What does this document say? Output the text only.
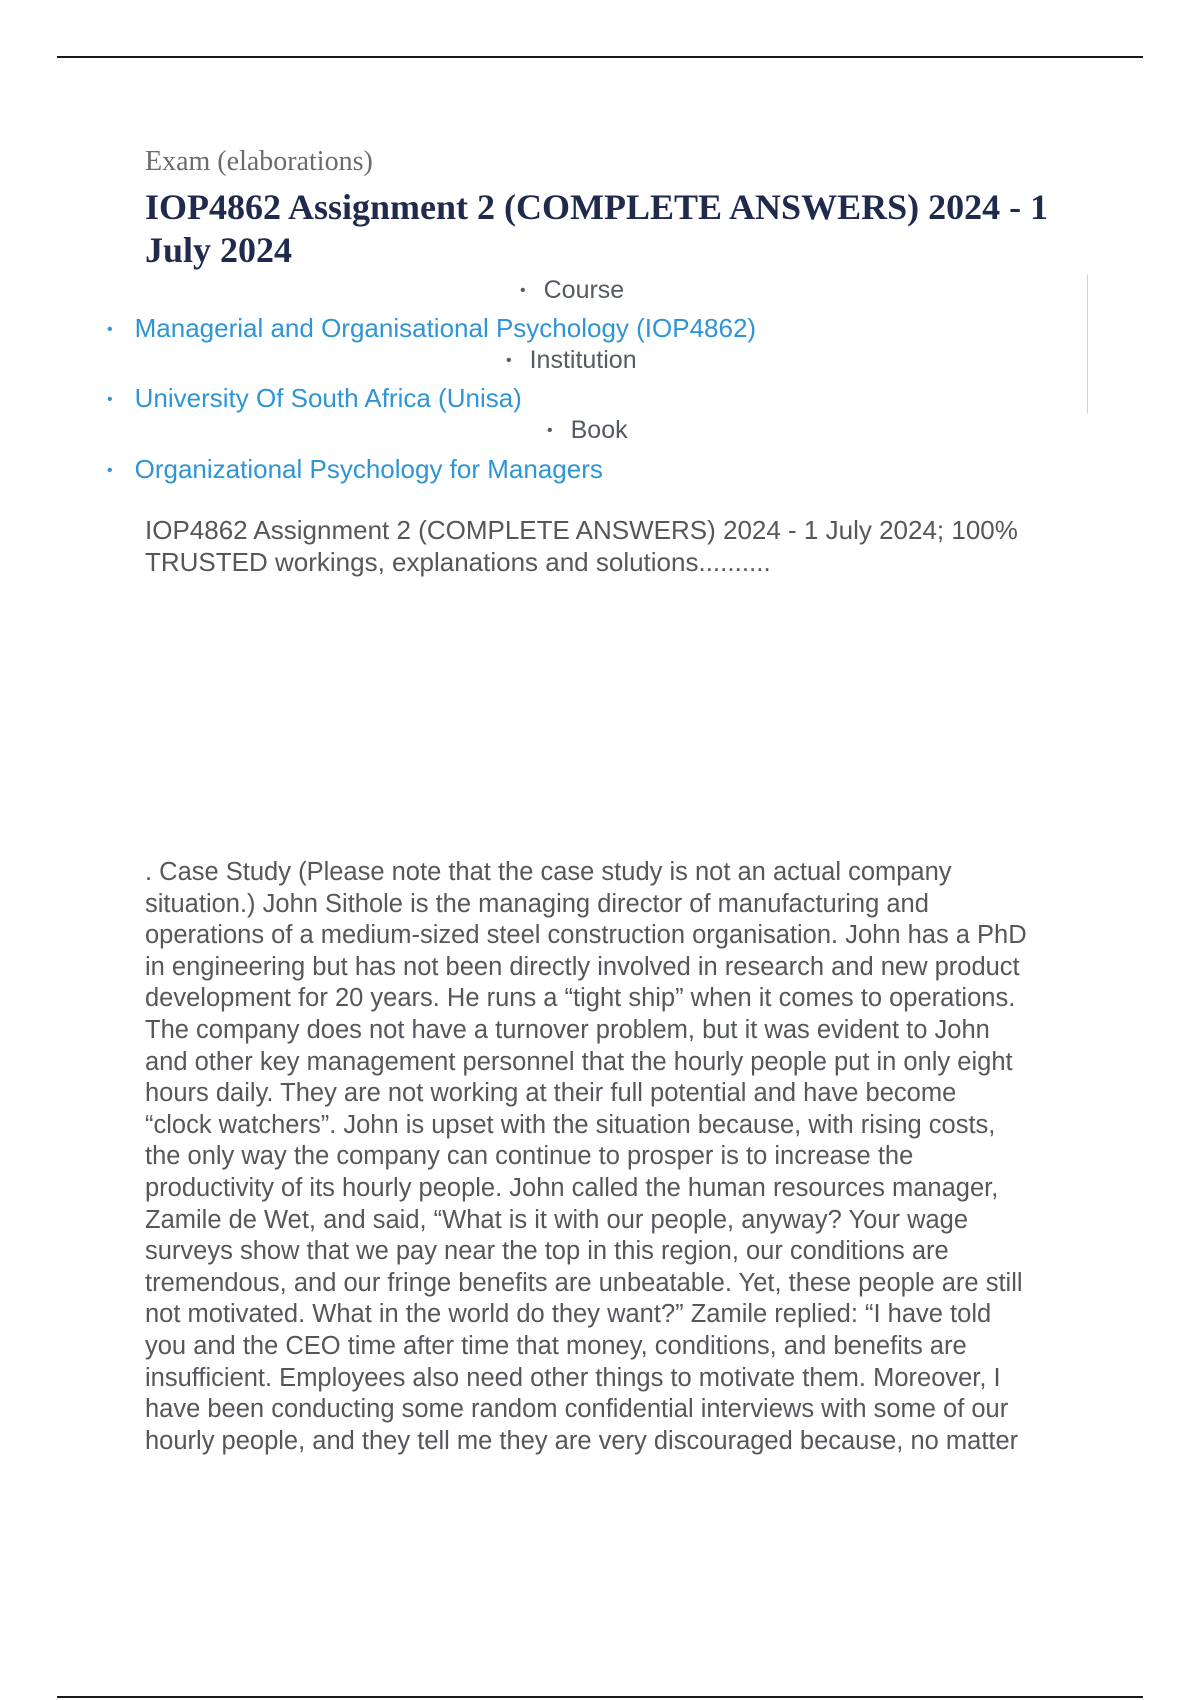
Exam (elaborations)
IOP4862 Assignment 2 (COMPLETE ANSWERS) 2024 - 1 July 2024
• Course
• Managerial and Organisational Psychology (IOP4862)
• Institution
• University Of South Africa (Unisa)
• Book
• Organizational Psychology for Managers

IOP4862 Assignment 2 (COMPLETE ANSWERS) 2024 - 1 July 2024; 100% TRUSTED workings, explanations and solutions..........

. Case Study (Please note that the case study is not an actual company
situation.) John Sithole is the managing director of manufacturing and
operations of a medium-sized steel construction organisation. John has a PhD
in engineering but has not been directly involved in research and new product
development for 20 years. He runs a “tight ship” when it comes to operations.
The company does not have a turnover problem, but it was evident to John
and other key management personnel that the hourly people put in only eight
hours daily. They are not working at their full potential and have become
“clock watchers”. John is upset with the situation because, with rising costs,
the only way the company can continue to prosper is to increase the
productivity of its hourly people. John called the human resources manager,
Zamile de Wet, and said, “What is it with our people, anyway? Your wage
surveys show that we pay near the top in this region, our conditions are
tremendous, and our fringe benefits are unbeatable. Yet, these people are still
not motivated. What in the world do they want?” Zamile replied: “I have told
you and the CEO time after time that money, conditions, and benefits are
insufficient. Employees also need other things to motivate them. Moreover, I
have been conducting some random confidential interviews with some of our
hourly people, and they tell me they are very discouraged because, no matter
